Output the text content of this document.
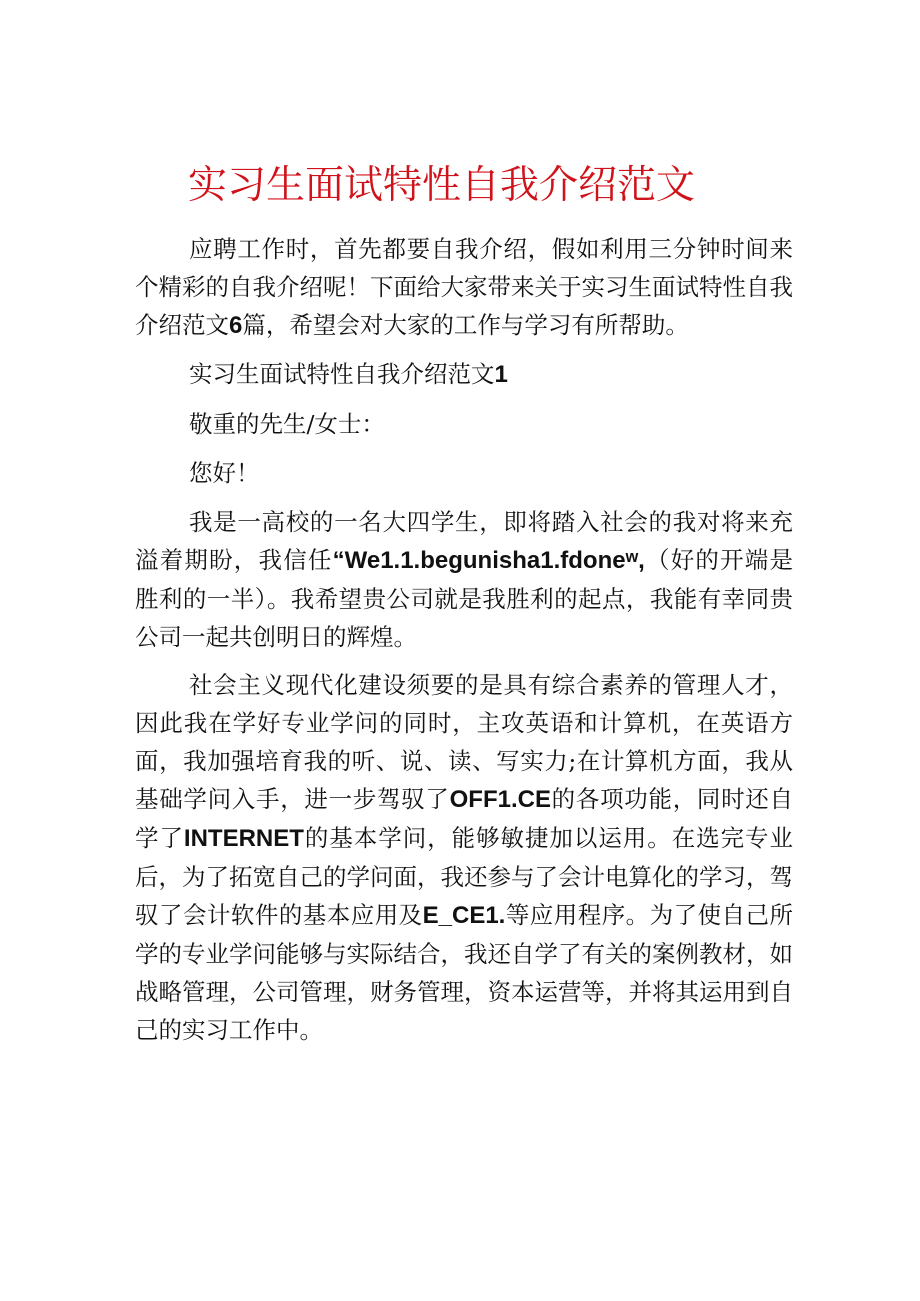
实习生面试特性自我介绍范文

应聘工作时，首先都要自我介绍，假如利用三分钟时间来个精彩的自我介绍呢！下面给大家带来关于实习生面试特性自我介绍范文6篇，希望会对大家的工作与学习有所帮助。

实习生面试特性自我介绍范文1

敬重的先生/女士：

您好！

我是一高校的一名大四学生，即将踏入社会的我对将来充溢着期盼，我信任“We1.1.begunisha1.fdoneʷ,（好的开端是胜利的一半）。我希望贵公司就是我胜利的起点，我能有幸同贵公司一起共创明日的辉煌。

社会主义现代化建设须要的是具有综合素养的管理人才，因此我在学好专业学问的同时，主攻英语和计算机，在英语方面，我加强培育我的听、说、读、写实力;在计算机方面，我从基础学问入手，进一步驾驭了OFF1.CE的各项功能，同时还自学了INTERNET的基本学问，能够敏捷加以运用。在选完专业后，为了拓宽自己的学问面，我还参与了会计电算化的学习，驾驭了会计软件的基本应用及E_CE1.等应用程序。为了使自己所学的专业学问能够与实际结合，我还自学了有关的案例教材，如战略管理，公司管理，财务管理，资本运营等，并将其运用到自己的实习工作中。
